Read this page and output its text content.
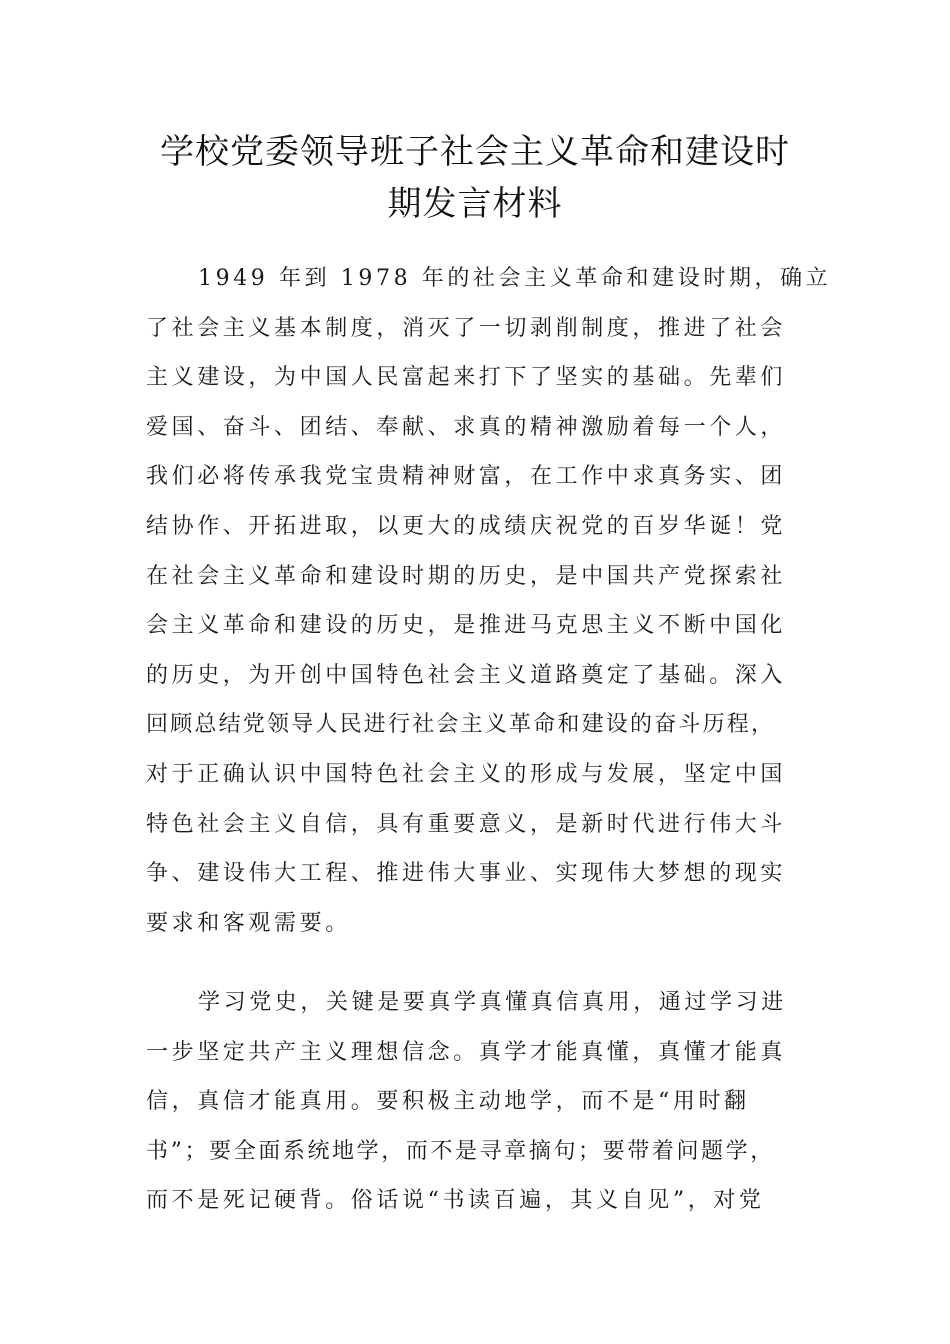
学校党委领导班子社会主义革命和建设时
期发言材料
1949 年到 1978 年的社会主义革命和建设时期，确立
了社会主义基本制度，消灭了一切剥削制度，推进了社会
主义建设，为中国人民富起来打下了坚实的基础。先辈们
爱国、奋斗、团结、奉献、求真的精神激励着每一个人，
我们必将传承我党宝贵精神财富，在工作中求真务实、团
结协作、开拓进取，以更大的成绩庆祝党的百岁华诞！党
在社会主义革命和建设时期的历史，是中国共产党探索社
会主义革命和建设的历史，是推进马克思主义不断中国化
的历史，为开创中国特色社会主义道路奠定了基础。深入
回顾总结党领导人民进行社会主义革命和建设的奋斗历程，
对于正确认识中国特色社会主义的形成与发展，坚定中国
特色社会主义自信，具有重要意义，是新时代进行伟大斗
争、建设伟大工程、推进伟大事业、实现伟大梦想的现实
要求和客观需要。
学习党史，关键是要真学真懂真信真用，通过学习进
一步坚定共产主义理想信念。真学才能真懂，真懂才能真
信，真信才能真用。要积极主动地学，而不是“用时翻
书”；要全面系统地学，而不是寻章摘句；要带着问题学，
而不是死记硬背。俗话说“书读百遍，其义自见”，对党
